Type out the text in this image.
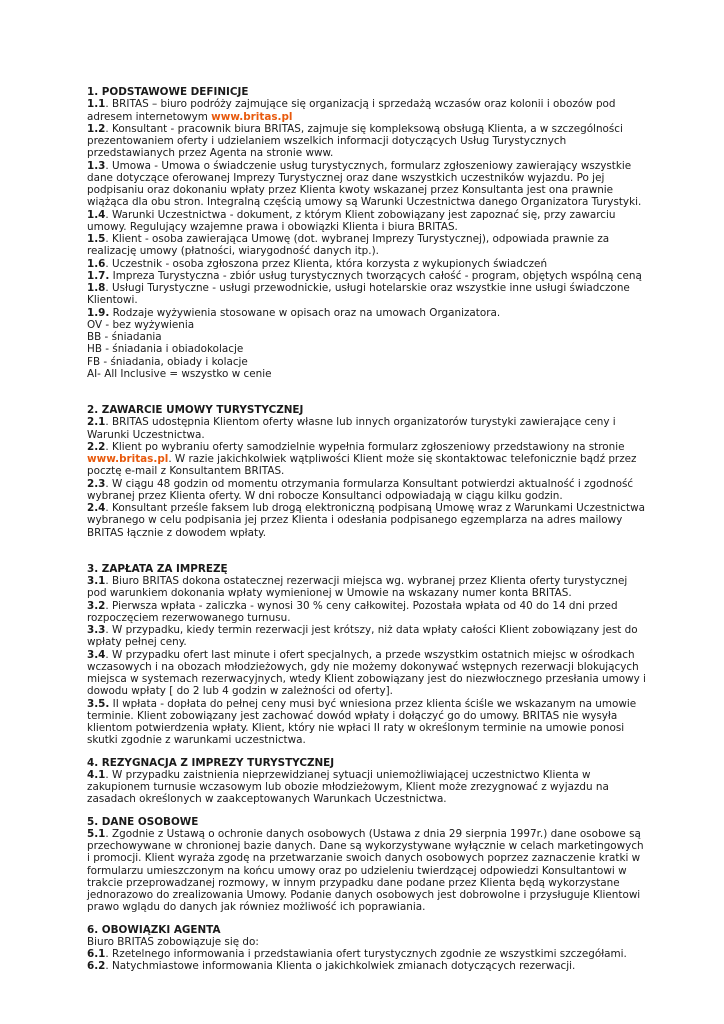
1. PODSTAWOWE DEFINICJE

1.1. BRITAS – biuro podróży zajmujące się organizacją i sprzedażą wczasów oraz kolonii i obozów pod adresem internetowym www.britas.pl

1.2. Konsultant - pracownik biura BRITAS, zajmuje się kompleksową obsługą Klienta, a w szczególności prezentowaniem oferty i udzielaniem wszelkich informacji dotyczących Usług Turystycznych przedstawianych przez Agenta na stronie www.

1.3. Umowa - Umowa o świadczenie usług turystycznych, formularz zgłoszeniowy zawierający wszystkie dane dotyczące oferowanej Imprezy Turystycznej oraz dane wszystkich uczestników wyjazdu. Po jej podpisaniu oraz dokonaniu wpłaty przez Klienta kwoty wskazanej przez Konsultanta jest ona prawnie wiążąca dla obu stron. Integralną częścią umowy są Warunki Uczestnictwa danego Organizatora Turystyki.

1.4. Warunki Uczestnictwa - dokument, z którym Klient zobowiązany jest zapoznać się, przy zawarciu umowy. Regulujący wzajemne prawa i obowiązki Klienta i biura BRITAS.

1.5. Klient - osoba zawierająca Umowę (dot. wybranej Imprezy Turystycznej), odpowiada prawnie za realizację umowy (płatności, wiarygodność danych itp.).

1.6. Uczestnik - osoba zgłoszona przez Klienta, która korzysta z wykupionych świadczeń

1.7. Impreza Turystyczna - zbiór usług turystycznych tworzących całość - program, objętych wspólną ceną

1.8. Usługi Turystyczne - usługi przewodnickie, usługi hotelarskie oraz wszystkie inne usługi świadczone Klientowi.

1.9. Rodzaje wyżywienia stosowane w opisach oraz na umowach Organizatora.

OV - bez wyżywienia

BB - śniadania

HB - śniadania i obiadokolacje

FB - śniadania, obiady i kolacje

AI- All Inclusive = wszystko w cenie

2. ZAWARCIE UMOWY TURYSTYCZNEJ

2.1. BRITAS udostępnia Klientom oferty własne lub innych organizatorów turystyki zawierające ceny i Warunki Uczestnictwa.

2.2. Klient po wybraniu oferty samodzielnie wypełnia formularz zgłoszeniowy przedstawiony na stronie www.britas.pl. W razie jakichkolwiek wątpliwości Klient może się skontaktowac telefonicznie bądź przez pocztę e-mail z Konsultantem BRITAS.

2.3. W ciągu 48 godzin od momentu otrzymania formularza Konsultant potwierdzi aktualność i zgodność wybranej przez Klienta oferty. W dni robocze Konsultanci odpowiadają w ciągu kilku godzin.

2.4. Konsultant prześle faksem lub drogą elektroniczną podpisaną Umowę wraz z Warunkami Uczestnictwa wybranego w celu podpisania jej przez Klienta i odesłania podpisanego egzemplarza na adres mailowy BRITAS łącznie z dowodem wpłaty.

3. ZAPŁATA ZA IMPREZĘ

3.1. Biuro BRITAS dokona ostatecznej rezerwacji miejsca wg. wybranej przez Klienta oferty turystycznej pod warunkiem dokonania wpłaty wymienionej w Umowie na wskazany numer konta BRITAS.

3.2. Pierwsza wpłata - zaliczka - wynosi 30 % ceny całkowitej. Pozostała wpłata od 40 do 14 dni przed rozpoczęciem rezerwowanego turnusu.

3.3. W przypadku, kiedy termin rezerwacji jest krótszy, niż data wpłaty całości Klient zobowiązany jest do wpłaty pełnej ceny.

3.4. W przypadku ofert last minute i ofert specjalnych, a przede wszystkim ostatnich miejsc w ośrodkach wczasowych i na obozach młodzieżowych, gdy nie możemy dokonywać wstępnych rezerwacji blokujących miejsca w systemach rezerwacyjnych, wtedy Klient zobowiązany jest do niezwłocznego przesłania umowy i dowodu wpłaty [ do 2 lub 4 godzin w zależności od oferty].

3.5. II wpłata - dopłata do pełnej ceny musi być wniesiona przez klienta ściśle we wskazanym na umowie terminie. Klient zobowiązany jest zachować dowód wpłaty i dołączyć go do umowy. BRITAS nie wysyła klientom potwierdzenia wpłaty. Klient, który nie wpłaci II raty w określonym terminie na umowie ponosi skutki zgodnie z warunkami uczestnictwa.

4. REZYGNACJA Z IMPREZY TURYSTYCZNEJ

4.1. W przypadku zaistnienia nieprzewidzianej sytuacji uniemożliwiającej uczestnictwo Klienta w zakupionem turnusie wczasowym lub obozie młodzieżowym, Klient może zrezygnować z wyjazdu na zasadach określonych w zaakceptowanych Warunkach Uczestnictwa.

5. DANE OSOBOWE

5.1. Zgodnie z Ustawą o ochronie danych osobowych (Ustawa z dnia 29 sierpnia 1997r.) dane osobowe są przechowywane w chronionej bazie danych. Dane są wykorzystywane wyłącznie w celach marketingowych i promocji. Klient wyraża zgodę na przetwarzanie swoich danych osobowych poprzez zaznaczenie kratki w formularzu umieszczonym na końcu umowy oraz po udzieleniu twierdzącej odpowiedzi Konsultantowi w trakcie przeprowadzanej rozmowy, w innym przypadku dane podane przez Klienta będą wykorzystane jednorazowo do zrealizowania Umowy. Podanie danych osobowych jest dobrowolne i przysługuje Klientowi prawo wglądu do danych jak równiez możliwość ich poprawiania.

6. OBOWIĄZKI AGENTA

Biuro BRITAS zobowiązuje się do:

6.1. Rzetelnego informowania i przedstawiania ofert turystycznych zgodnie ze wszystkimi szczegółami.

6.2. Natychmiastowe informowania Klienta o jakichkolwiek zmianach dotyczących rezerwacji.
